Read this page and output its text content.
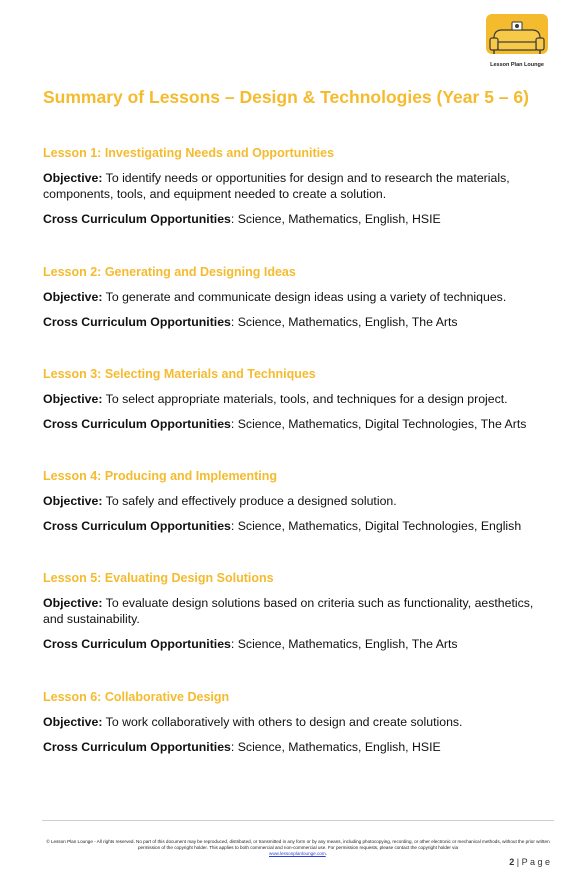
Lesson Plan Lounge
Summary of Lessons – Design & Technologies (Year 5 – 6)
Lesson 1: Investigating Needs and Opportunities

Objective: To identify needs or opportunities for design and to research the materials, components, tools, and equipment needed to create a solution.

Cross Curriculum Opportunities: Science, Mathematics, English, HSIE

Lesson 2: Generating and Designing Ideas

Objective: To generate and communicate design ideas using a variety of techniques.

Cross Curriculum Opportunities: Science, Mathematics, English, The Arts

Lesson 3: Selecting Materials and Techniques

Objective: To select appropriate materials, tools, and techniques for a design project.

Cross Curriculum Opportunities: Science, Mathematics, Digital Technologies, The Arts

Lesson 4: Producing and Implementing

Objective: To safely and effectively produce a designed solution.

Cross Curriculum Opportunities: Science, Mathematics, Digital Technologies, English

Lesson 5: Evaluating Design Solutions

Objective: To evaluate design solutions based on criteria such as functionality, aesthetics, and sustainability.

Cross Curriculum Opportunities: Science, Mathematics, English, The Arts

Lesson 6: Collaborative Design

Objective: To work collaboratively with others to design and create solutions.

Cross Curriculum Opportunities: Science, Mathematics, English, HSIE

© Lesson Plan Lounge - All rights reserved. No part of this document may be reproduced, distributed, or transmitted in any form or by any means, including photocopying, recording, or other electronic or mechanical methods, without the prior written permission of the copyright holder. This applies to both commercial and non-commercial use. For permission requests, please contact the copyright holder via
www.lessonplanlounge.com.
2 | P a g e
